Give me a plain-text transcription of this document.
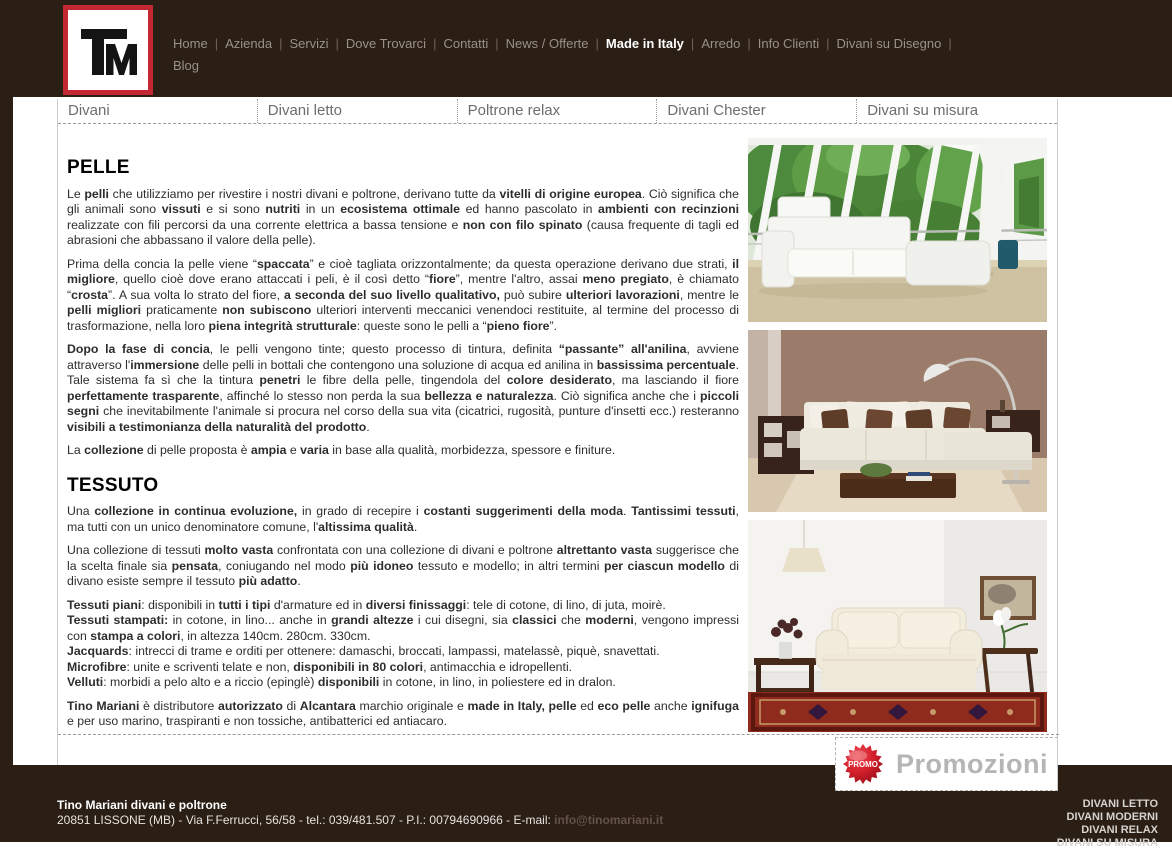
Home | Azienda | Servizi | Dove Trovarci | Contatti | News / Offerte | Made in Italy | Arredo | Info Clienti | Divani su Disegno |
Blog
Divani	Divani letto	Poltrone relax	Divani Chester	Divani su misura
PELLE

Le pelli che utilizziamo per rivestire i nostri divani e poltrone, derivano tutte da vitelli di origine europea. Ciò significa che gli animali sono vissuti e si sono nutriti in un ecosistema ottimale ed hanno pascolato in ambienti con recinzioni realizzate con fili percorsi da una corrente elettrica a bassa tensione e non con filo spinato (causa frequente di tagli ed abrasioni che abbassano il valore della pelle).

Prima della concia la pelle viene “spaccata” e cioè tagliata orizzontalmente; da questa operazione derivano due strati, il migliore, quello cioè dove erano attaccati i peli, è il così detto “fiore”, mentre l'altro, assai meno pregiato, è chiamato “crosta”. A sua volta lo strato del fiore, a seconda del suo livello qualitativo, può subire ulteriori lavorazioni, mentre le pelli migliori praticamente non subiscono ulteriori interventi meccanici venendoci restituite, al termine del processo di trasformazione, nella loro piena integrità strutturale: queste sono le pelli a “pieno fiore”.

Dopo la fase di concia, le pelli vengono tinte; questo processo di tintura, definita “passante” all'anilina, avviene attraverso l'immersione delle pelli in bottali che contengono una soluzione di acqua ed anilina in bassissima percentuale. Tale sistema fa sì che la tintura penetri le fibre della pelle, tingendola del colore desiderato, ma lasciando il fiore perfettamente trasparente, affinché lo stesso non perda la sua bellezza e naturalezza. Ciò significa anche che i piccoli segni che inevitabilmente l'animale si procura nel corso della sua vita (cicatrici, rugosità, punture d'insetti ecc.) resteranno visibili a testimonianza della naturalità del prodotto.

La collezione di pelle proposta è ampia e varia in base alla qualità, morbidezza, spessore e finiture.

TESSUTO

Una collezione in continua evoluzione, in grado di recepire i costanti suggerimenti della moda. Tantissimi tessuti, ma tutti con un unico denominatore comune, l'altissima qualità.

Una collezione di tessuti molto vasta confrontata con una collezione di divani e poltrone altrettanto vasta suggerisce che la scelta finale sia pensata, coniugando nel modo più idoneo tessuto e modello; in altri termini per ciascun modello di divano esiste sempre il tessuto più adatto.

Tessuti piani: disponibili in tutti i tipi d'armature ed in diversi finissaggi: tele di cotone, di lino, di juta, moirè.
Tessuti stampati: in cotone, in lino... anche in grandi altezze i cui disegni, sia classici che moderni, vengono impressi con stampa a colori, in altezza 140cm. 280cm. 330cm.
Jacquards: intrecci di trame e orditi per ottenere: damaschi, broccati, lampassi, matelassè, piquè, snavettati.
Microfibre: unite e scriventi telate e non, disponibili in 80 colori, antimacchia e idropellenti.
Velluti: morbidi a pelo alto e a riccio (epinglè) disponibili in cotone, in lino, in poliestere ed in dralon.

Tino Mariani è distributore autorizzato di Alcantara marchio originale e made in Italy, pelle ed eco pelle anche ignifuga e per uso marino, traspiranti e non tossiche, antibatterici ed antiacaro.

PROMO Promozioni
Tino Mariani divani e poltrone
20851 LISSONE (MB) - Via F.Ferrucci, 56/58 - tel.: 039/481.507 - P.I.: 00794690966 - E-mail: info@tinomariani.it
DIVANI LETTO
DIVANI MODERNI
DIVANI RELAX
DIVANI SU MISURA
